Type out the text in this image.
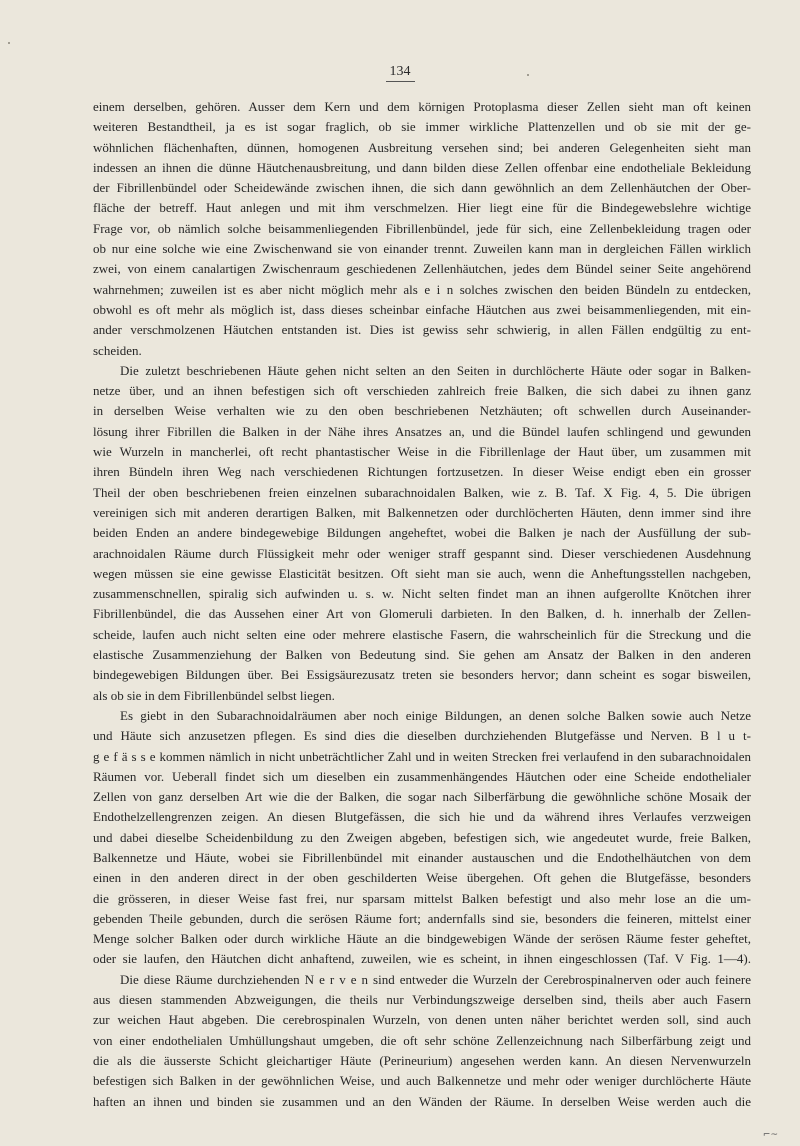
134
einem derselben, gehören. Ausser dem Kern und dem körnigen Protoplasma dieser Zellen sieht man oft keinen
weiteren Bestandtheil, ja es ist sogar fraglich, ob sie immer wirkliche Plattenzellen und ob sie mit der ge-
wöhnlichen flächenhaften, dünnen, homogenen Ausbreitung versehen sind; bei anderen Gelegenheiten sieht man
indessen an ihnen die dünne Häutchenausbreitung, und dann bilden diese Zellen offenbar eine endotheliale Bekleidung
der Fibrillenbündel oder Scheidewände zwischen ihnen, die sich dann gewöhnlich an dem Zellenhäutchen der Ober-
fläche der betreff. Haut anlegen und mit ihm verschmelzen. Hier liegt eine für die Bindegewebslehre wichtige
Frage vor, ob nämlich solche beisammenliegenden Fibrillenbündel, jede für sich, eine Zellenbekleidung tragen oder
ob nur eine solche wie eine Zwischenwand sie von einander trennt. Zuweilen kann man in dergleichen Fällen wirklich
zwei, von einem canalartigen Zwischenraum geschiedenen Zellenhäutchen, jedes dem Bündel seiner Seite angehörend
wahrnehmen; zuweilen ist es aber nicht möglich mehr als e i n solches zwischen den beiden Bündeln zu entdecken,
obwohl es oft mehr als möglich ist, dass dieses scheinbar einfache Häutchen aus zwei beisammenliegenden, mit ein-
ander verschmolzenen Häutchen entstanden ist. Dies ist gewiss sehr schwierig, in allen Fällen endgültig zu ent-
scheiden.
Die zuletzt beschriebenen Häute gehen nicht selten an den Seiten in durchlöcherte Häute oder sogar in Balken-
netze über, und an ihnen befestigen sich oft verschieden zahlreich freie Balken, die sich dabei zu ihnen ganz
in derselben Weise verhalten wie zu den oben beschriebenen Netzhäuten; oft schwellen durch Auseinander-
lösung ihrer Fibrillen die Balken in der Nähe ihres Ansatzes an, und die Bündel laufen schlingend und gewunden
wie Wurzeln in mancherlei, oft recht phantastischer Weise in die Fibrillenlage der Haut über, um zusammen mit
ihren Bündeln ihren Weg nach verschiedenen Richtungen fortzusetzen. In dieser Weise endigt eben ein grosser
Theil der oben beschriebenen freien einzelnen subarachnoidalen Balken, wie z. B. Taf. X Fig. 4, 5. Die übrigen
vereinigen sich mit anderen derartigen Balken, mit Balkennetzen oder durchlöcherten Häuten, denn immer sind ihre
beiden Enden an andere bindegewebige Bildungen angeheftet, wobei die Balken je nach der Ausfüllung der sub-
arachnoidalen Räume durch Flüssigkeit mehr oder weniger straff gespannt sind. Dieser verschiedenen Ausdehnung
wegen müssen sie eine gewisse Elasticität besitzen. Oft sieht man sie auch, wenn die Anheftungsstellen nachgeben,
zusammenschnellen, spiralig sich aufwinden u. s. w. Nicht selten findet man an ihnen aufgerollte Knötchen ihrer
Fibrillenbündel, die das Aussehen einer Art von Glomeruli darbieten. In den Balken, d. h. innerhalb der Zellen-
scheide, laufen auch nicht selten eine oder mehrere elastische Fasern, die wahrscheinlich für die Streckung und die
elastische Zusammenziehung der Balken von Bedeutung sind. Sie gehen am Ansatz der Balken in den anderen
bindegewebigen Bildungen über. Bei Essigsäurezusatz treten sie besonders hervor; dann scheint es sogar bisweilen,
als ob sie in dem Fibrillenbündel selbst liegen.
Es giebt in den Subarachnoidalräumen aber noch einige Bildungen, an denen solche Balken sowie auch Netze
und Häute sich anzusetzen pflegen. Es sind dies die dieselben durchziehenden Blutgefässe und Nerven. B l u t-
g e f ä s s e kommen nämlich in nicht unbeträchtlicher Zahl und in weiten Strecken frei verlaufend in den subarachnoidalen
Räumen vor. Ueberall findet sich um dieselben ein zusammenhängendes Häutchen oder eine Scheide endothelialer
Zellen von ganz derselben Art wie die der Balken, die sogar nach Silberfärbung die gewöhnliche schöne Mosaik der
Endothelzellengrenzen zeigen. An diesen Blutgefässen, die sich hie und da während ihres Verlaufes verzweigen
und dabei dieselbe Scheidenbildung zu den Zweigen abgeben, befestigen sich, wie angedeutet wurde, freie Balken,
Balkennetze und Häute, wobei sie Fibrillenbündel mit einander austauschen und die Endothelhäutchen von dem
einen in den anderen direct in der oben geschilderten Weise übergehen. Oft gehen die Blutgefässe, besonders
die grösseren, in dieser Weise fast frei, nur sparsam mittelst Balken befestigt und also mehr lose an die um-
gebenden Theile gebunden, durch die serösen Räume fort; andernfalls sind sie, besonders die feineren, mittelst einer
Menge solcher Balken oder durch wirkliche Häute an die bindgewebigen Wände der serösen Räume fester geheftet,
oder sie laufen, den Häutchen dicht anhaftend, zuweilen, wie es scheint, in ihnen eingeschlossen (Taf. V Fig. 1—4).
Die diese Räume durchziehenden N e r v e n sind entweder die Wurzeln der Cerebrospinalnerven oder auch feinere
aus diesen stammenden Abzweigungen, die theils nur Verbindungszweige derselben sind, theils aber auch Fasern
zur weichen Haut abgeben. Die cerebrospinalen Wurzeln, von denen unten näher berichtet werden soll, sind auch
von einer endothelialen Umhüllungshaut umgeben, die oft sehr schöne Zellenzeichnung nach Silberfärbung zeigt und
die als die äusserste Schicht gleichartiger Häute (Perineurium) angesehen werden kann. An diesen Nervenwurzeln
befestigen sich Balken in der gewöhnlichen Weise, und auch Balkennetze und mehr oder weniger durchlöcherte Häute
haften an ihnen und binden sie zusammen und an den Wänden der Räume. In derselben Weise werden auch die
⌐~
